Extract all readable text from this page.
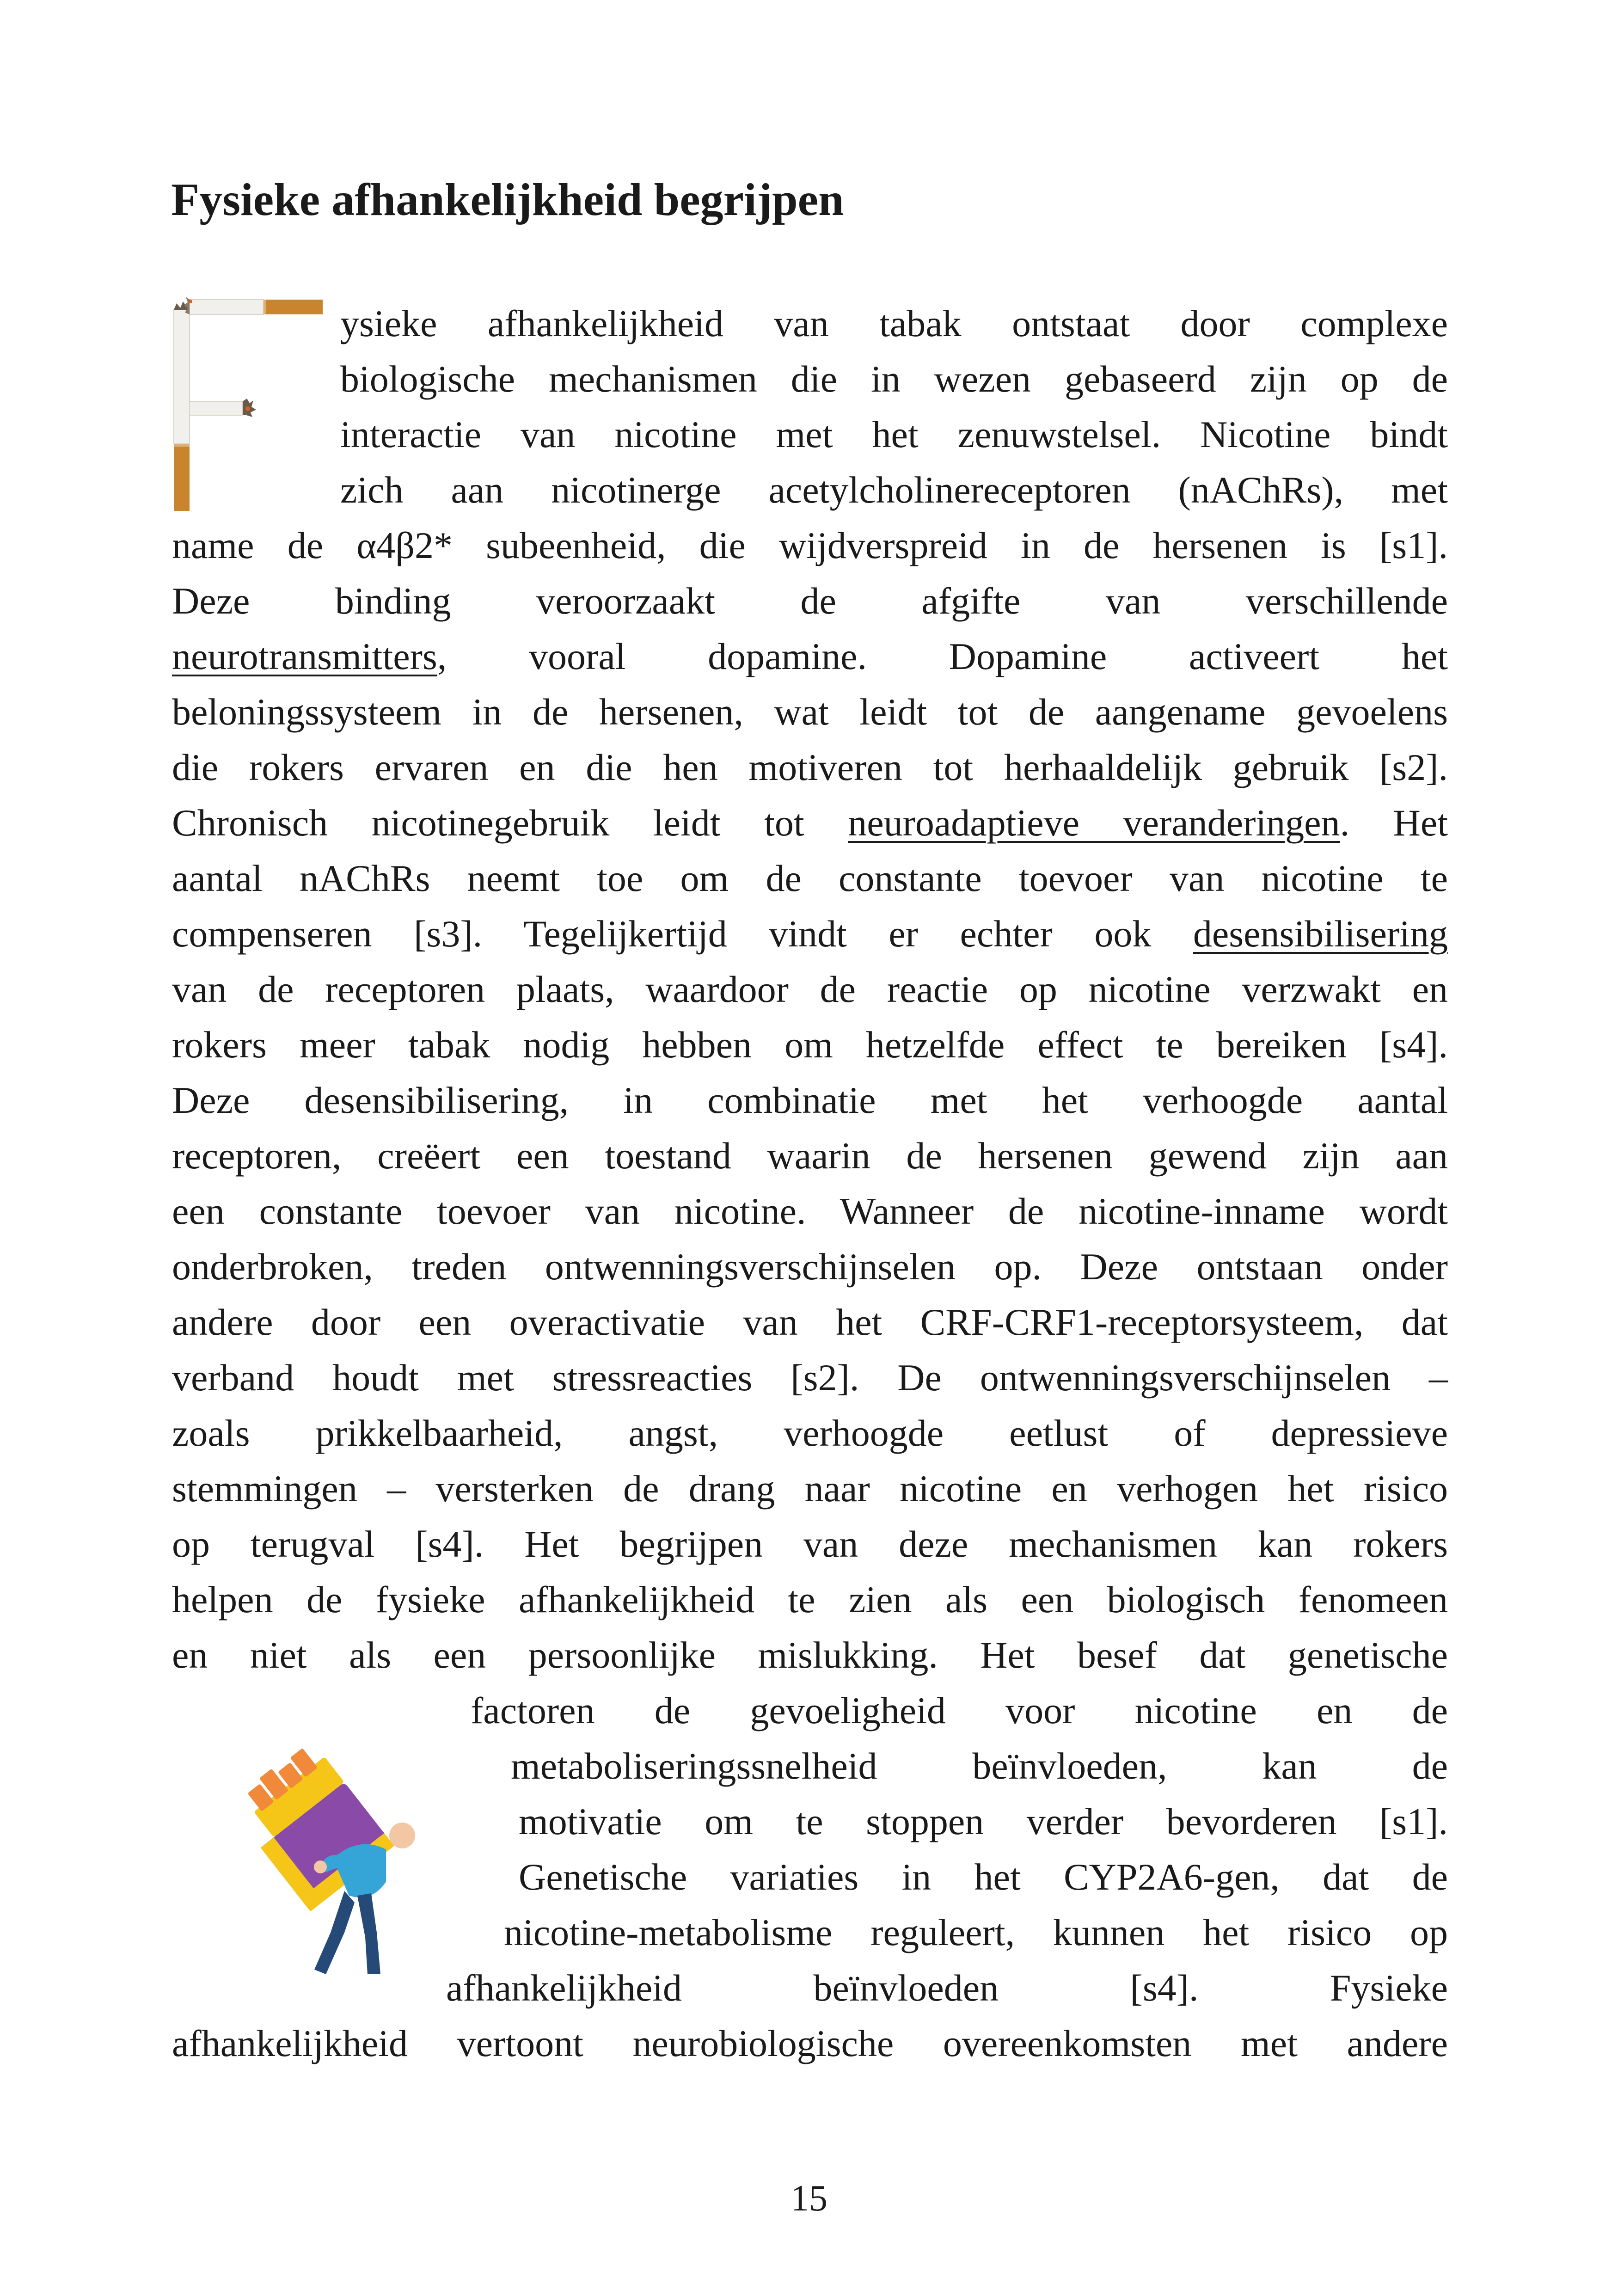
Fysieke afhankelijkheid begrijpen
ysieke afhankelijkheid van tabak ontstaat door complexe
biologische mechanismen die in wezen gebaseerd zijn op de
interactie van nicotine met het zenuwstelsel. Nicotine bindt
zich aan nicotinerge acetylcholinereceptoren (nAChRs), met
name de α4β2* subeenheid, die wijdverspreid in de hersenen is [s1].
Deze binding veroorzaakt de afgifte van verschillende
neurotransmitters, vooral dopamine. Dopamine activeert het
beloningssysteem in de hersenen, wat leidt tot de aangename gevoelens
die rokers ervaren en die hen motiveren tot herhaaldelijk gebruik [s2].
Chronisch nicotinegebruik leidt tot neuroadaptieve veranderingen. Het
aantal nAChRs neemt toe om de constante toevoer van nicotine te
compenseren [s3]. Tegelijkertijd vindt er echter ook desensibilisering
van de receptoren plaats, waardoor de reactie op nicotine verzwakt en
rokers meer tabak nodig hebben om hetzelfde effect te bereiken [s4].
Deze desensibilisering, in combinatie met het verhoogde aantal
receptoren, creëert een toestand waarin de hersenen gewend zijn aan
een constante toevoer van nicotine. Wanneer de nicotine-inname wordt
onderbroken, treden ontwenningsverschijnselen op. Deze ontstaan onder
andere door een overactivatie van het CRF-CRF1-receptorsysteem, dat
verband houdt met stressreacties [s2]. De ontwenningsverschijnselen –
zoals prikkelbaarheid, angst, verhoogde eetlust of depressieve
stemmingen – versterken de drang naar nicotine en verhogen het risico
op terugval [s4]. Het begrijpen van deze mechanismen kan rokers
helpen de fysieke afhankelijkheid te zien als een biologisch fenomeen
en niet als een persoonlijke mislukking. Het besef dat genetische
factoren de gevoeligheid voor nicotine en de
metaboliseringssnelheid beïnvloeden, kan de
motivatie om te stoppen verder bevorderen [s1].
Genetische variaties in het CYP2A6-gen, dat de
nicotine-metabolisme reguleert, kunnen het risico op
afhankelijkheid beïnvloeden [s4]. Fysieke
afhankelijkheid vertoont neurobiologische overeenkomsten met andere
15
